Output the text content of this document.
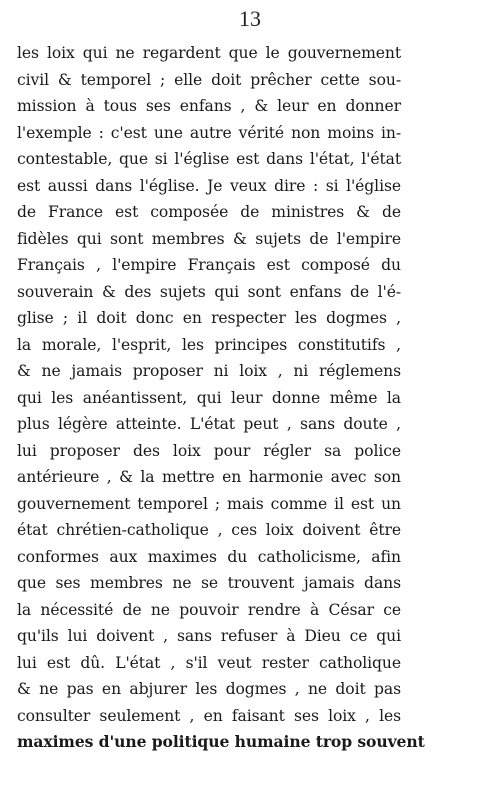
13
les loix qui ne regardent que le gouvernement
civil & temporel ; elle doit prêcher cette sou-
mission à tous ses enfans , & leur en donner
l'exemple : c'est une autre vérité non moins in-
contestable, que si l'église est dans l'état, l'état
est aussi dans l'église. Je veux dire : si l'église
de France est composée de ministres & de
fidèles qui sont membres & sujets de l'empire
Français , l'empire Français est composé du
souverain & des sujets qui sont enfans de l'é-
glise ; il doit donc en respecter les dogmes ,
la morale, l'esprit, les principes constitutifs ,
& ne jamais proposer ni loix , ni réglemens
qui les anéantissent, qui leur donne même la
plus légère atteinte. L'état peut , sans doute ,
lui proposer des loix pour régler sa police
antérieure , & la mettre en harmonie avec son
gouvernement temporel ; mais comme il est un
état chrétien-catholique , ces loix doivent être
conformes aux maximes du catholicisme, afin
que ses membres ne se trouvent jamais dans
la nécessité de ne pouvoir rendre à César ce
qu'ils lui doivent , sans refuser à Dieu ce qui
lui est dû. L'état , s'il veut rester catholique
& ne pas en abjurer les dogmes , ne doit pas
consulter seulement , en faisant ses loix , les
maximes d'une politique humaine trop souvent
